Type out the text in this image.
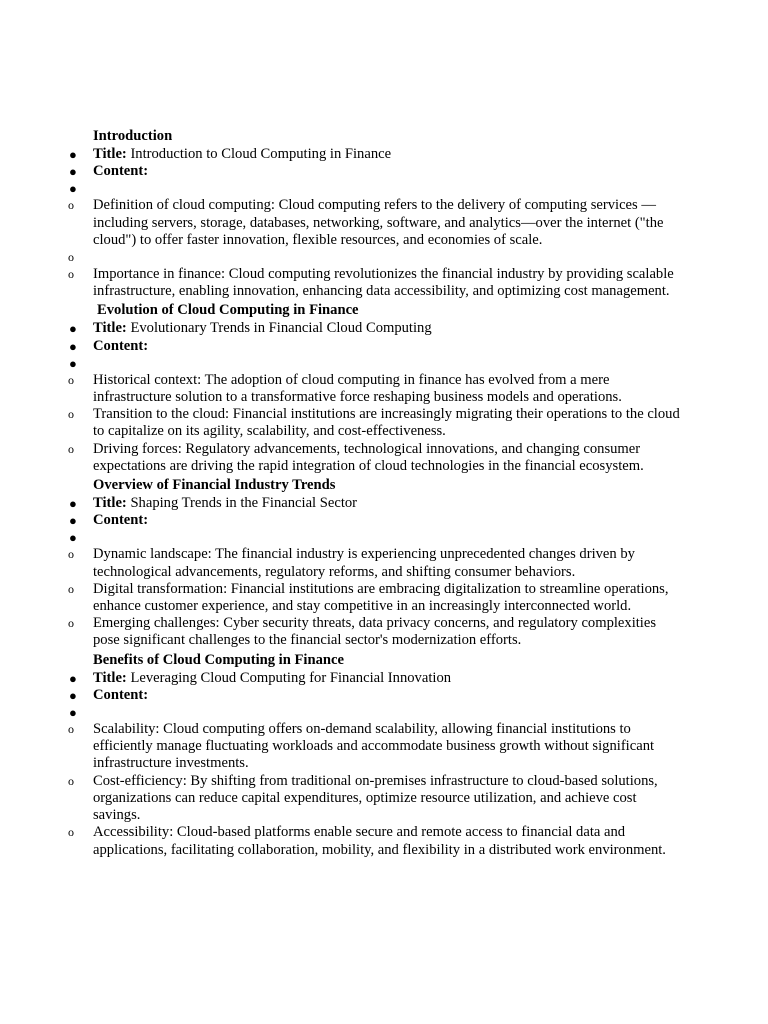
Introduction
● Title: Introduction to Cloud Computing in Finance
● Content:
●
o	Definition of cloud computing: Cloud computing refers to the delivery of computing services —including servers, storage, databases, networking, software, and analytics—over the internet ("the cloud") to offer faster innovation, flexible resources, and economies of scale.
o
o	Importance in finance: Cloud computing revolutionizes the financial industry by providing scalable infrastructure, enabling innovation, enhancing data accessibility, and optimizing cost management.
Evolution of Cloud Computing in Finance
● Title: Evolutionary Trends in Financial Cloud Computing
● Content:
●
o	Historical context: The adoption of cloud computing in finance has evolved from a mere infrastructure solution to a transformative force reshaping business models and operations.
o	Transition to the cloud: Financial institutions are increasingly migrating their operations to the cloud to capitalize on its agility, scalability, and cost-effectiveness.
o	Driving forces: Regulatory advancements, technological innovations, and changing consumer expectations are driving the rapid integration of cloud technologies in the financial ecosystem.
Overview of Financial Industry Trends
● Title: Shaping Trends in the Financial Sector
● Content:
●
o	Dynamic landscape: The financial industry is experiencing unprecedented changes driven by technological advancements, regulatory reforms, and shifting consumer behaviors.
o	Digital transformation: Financial institutions are embracing digitalization to streamline operations, enhance customer experience, and stay competitive in an increasingly interconnected world.
o	Emerging challenges: Cyber security threats, data privacy concerns, and regulatory complexities pose significant challenges to the financial sector's modernization efforts.
Benefits of Cloud Computing in Finance
● Title: Leveraging Cloud Computing for Financial Innovation
● Content:
●
o	Scalability: Cloud computing offers on-demand scalability, allowing financial institutions to efficiently manage fluctuating workloads and accommodate business growth without significant infrastructure investments.
o	Cost-efficiency: By shifting from traditional on-premises infrastructure to cloud-based solutions, organizations can reduce capital expenditures, optimize resource utilization, and achieve cost savings.
o	Accessibility: Cloud-based platforms enable secure and remote access to financial data and applications, facilitating collaboration, mobility, and flexibility in a distributed work environment.
